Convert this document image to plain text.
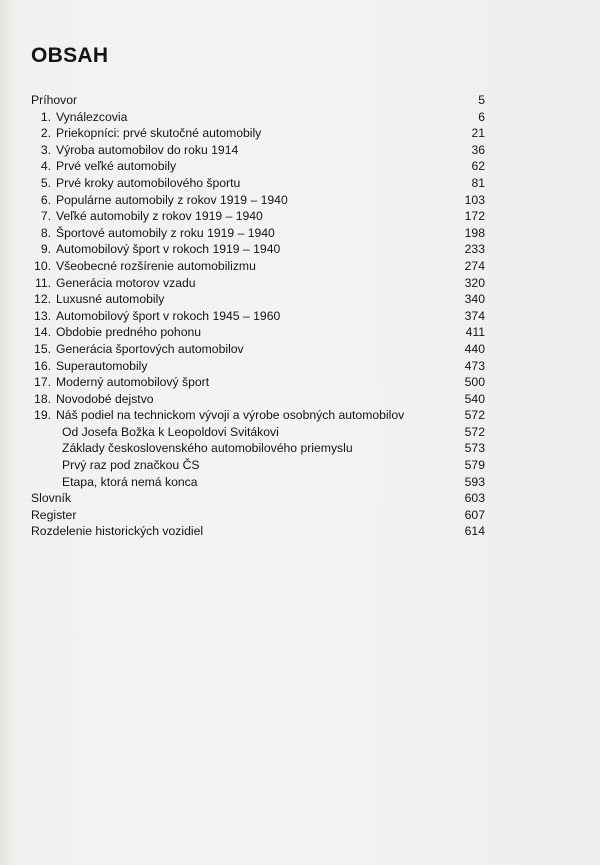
OBSAH
Príhovor	5
1. Vynálezcovia	6
2. Priekopníci: prvé skutočné automobily	21
3. Výroba automobilov do roku 1914	36
4. Prvé veľké automobily	62
5. Prvé kroky automobilového športu	81
6. Populárne automobily z rokov 1919 – 1940	103
7. Veľké automobily z rokov 1919 – 1940	172
8. Športové automobily z roku 1919 – 1940	198
9. Automobilový šport v rokoch 1919 – 1940	233
10. Všeobecné rozšírenie automobilizmu	274
11. Generácia motorov vzadu	320
12. Luxusné automobily	340
13. Automobilový šport v rokoch 1945 – 1960	374
14. Obdobie predného pohonu	411
15. Generácia športových automobilov	440
16. Superautomobily	473
17. Moderný automobilový šport	500
18. Novodobé dejstvo	540
19. Náš podiel na technickom vývoji a výrobe osobných automobilov	572
Od Josefa Božka k Leopoldovi Svitákovi	572
Základy československého automobilového priemyslu	573
Prvý raz pod značkou ČS	579
Etapa, ktorá nemá konca	593
Slovník	603
Register	607
Rozdelenie historických vozidiel	614
